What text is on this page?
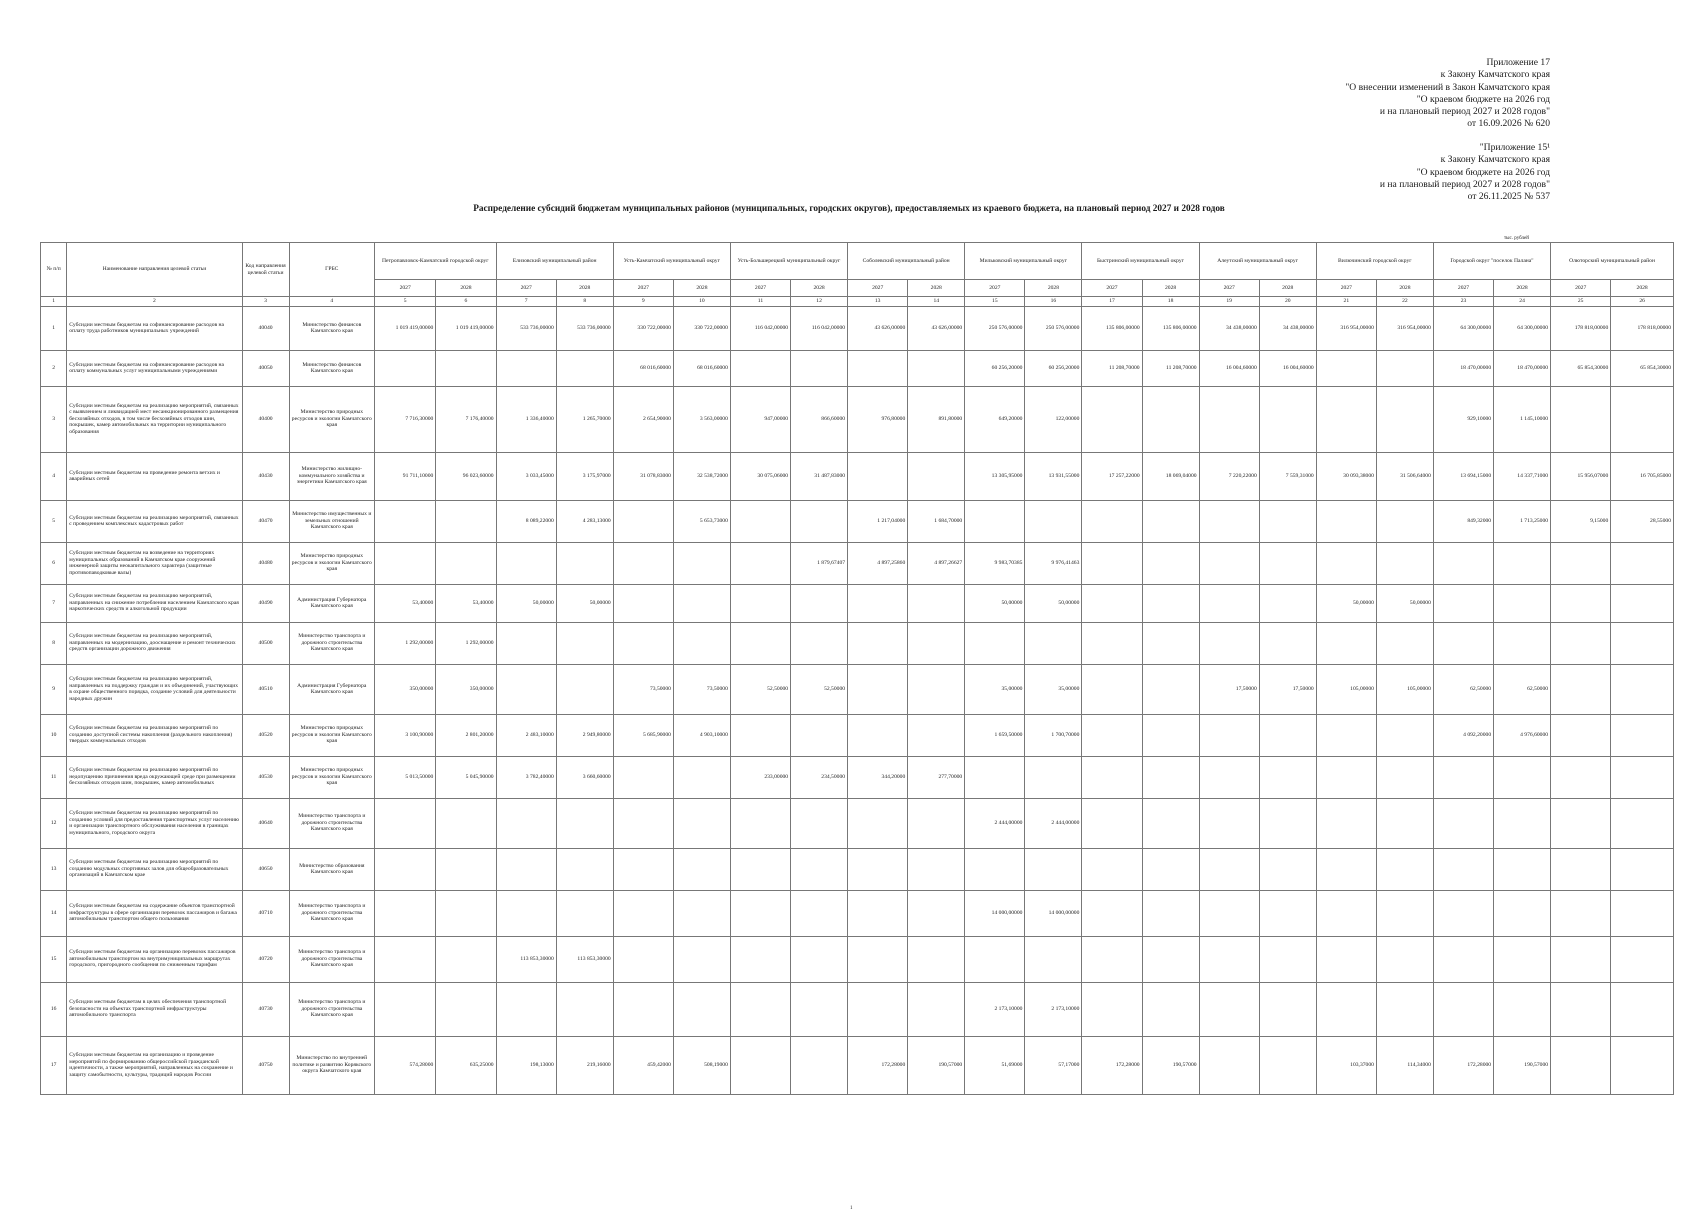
Приложение 17
к Закону Камчатского края
"О внесении изменений в Закон Камчатского края
"О краевом бюджете на 2026 год
и на плановый период 2027 и 2028 годов"
от 16.09.2026 № 620
"Приложение 15¹
к Закону Камчатского края
"О краевом бюджете на 2026 год
и на плановый период 2027 и 2028 годов"
от 26.11.2025 № 537
Распределение субсидий бюджетам муниципальных районов (муниципальных, городских округов), предоставляемых из краевого бюджета, на плановый период 2027 и 2028 годов
тыс. рублей
№ п/п	Наименование направления целевой статьи	Код направления целевой статьи	ГРБС	Петропавловск-Камчатский городской округ		Елизовский муниципальный район		Усть-Камчатский муниципальный округ		Усть-Большерецкий муниципальный округ		Соболевский муниципальный район		Мильковский муниципальный округ		Быстринский муниципальный округ		Алеутский муниципальный округ		Вилючинский городской округ		Городской округ "поселок Палана"		Олюторский муниципальный район	
				2027	2028	2027	2028	2027	2028	2027	2028	2027	2028	2027	2028	2027	2028	2027	2028	2027	2028	2027	2028	2027	2028
1	2	3	4	5	6	7	8	9	10	11	12	13	14	15	16	17	18	19	20	21	22	23	24	25	26
1	Субсидии местным бюджетам на софинансирование расходов на оплату труда работников муниципальных учреждений	40040	Министерство финансов Камчатского края	1 019 419,00000	1 019 419,00000	533 736,00000	533 736,00000	330 722,00000	330 722,00000	116 042,00000	116 042,00000	43 626,00000	43 626,00000	250 576,00000	250 576,00000	135 806,00000	135 806,00000	34 438,00000	34 438,00000	316 954,00000	316 954,00000	64 300,00000	64 300,00000	178 818,00000	178 818,00000
2	Субсидии местным бюджетам на софинансирование расходов на оплату коммунальных услуг муниципальными учреждениями	40050	Министерство финансов Камчатского края					68 016,60000	68 016,60000					60 256,20000	60 256,20000	11 208,70000	11 208,70000	16 004,60000	16 004,60000			18 470,00000	18 470,00000	65 854,30000	65 854,30000
3	Субсидии местным бюджетам на реализацию мероприятий, связанных с выявлением и ликвидацией мест несанкционированного размещения бесхозяйных отходов, в том числе бесхозяйных отходов шин, покрышек, камер автомобильных на территории муниципального образования	40400	Министерство природных ресурсов и экологии Камчатского края	7 716,30000	7 176,40000	1 336,40000	1 265,70000	2 654,90000	3 563,00000	947,00000	866,60000	976,80000	891,80000	649,20000	122,00000							929,10000	1 145,10000		
4	Субсидии местным бюджетам на проведение ремонта ветхих и аварийных сетей	40430	Министерство жилищно-коммунального хозяйства и энергетики Камчатского края	91 711,10000	96 023,60000	3 033,45000	3 175,97000	31 078,83000	32 538,72000	30 075,06000	31 487,83000			13 305,95000	13 931,55000	17 257,22000	18 069,04000	7 220,22000	7 559,31000	30 093,38000	31 506,64000	13 694,15000	14 337,71000	15 956,07000	16 705,85000
5	Субсидии местным бюджетам на реализацию мероприятий, связанных с проведением комплексных кадастровых работ	40470	Министерство имущественных и земельных отношений Камчатского края			8 089,22000	4 283,13000		5 653,73000			1 217,04000	1 684,70000									849,32000	1 713,25000	9,15000	28,55000
6	Субсидии местным бюджетам на возведение на территориях муниципальных образований в Камчатском крае сооружений инженерной защиты неокапитального характера (защитные противопаводковые валы)	40480	Министерство природных ресурсов и экологии Камчатского края								1 879,67407	4 897,25860	4 897,26627	9 983,70385	9 976,41463										
7	Субсидии местным бюджетам на реализацию мероприятий, направленных на снижение потребления населением Камчатского края наркотических средств и алкогольной продукции	40490	Администрация Губернатора Камчатского края	53,40000	53,40000	50,00000	50,00000							50,00000	50,00000					50,00000	50,00000				
8	Субсидии местным бюджетам на реализацию мероприятий, направленных на модернизацию, дооснащение и ремонт технических средств организации дорожного движения	40500	Министерство транспорта и дорожного строительства Камчатского края	1 292,00000	1 292,00000																				
9	Субсидии местным бюджетам на реализацию мероприятий, направленных на поддержку граждан и их объединений, участвующих в охране общественного порядка, создание условий для деятельности народных дружин	40510	Администрация Губернатора Камчатского края	350,00000	350,00000			73,50000	73,50000	52,50000	52,50000			35,00000	35,00000			17,50000	17,50000	105,00000	105,00000	62,50000	62,50000		
10	Субсидии местным бюджетам на реализацию мероприятий по созданию доступной системы накопления (раздельного накопления) твердых коммунальных отходов	40520	Министерство природных ресурсов и экологии Камчатского края	3 100,90000	2 801,20000	2 483,10000	2 949,80000	5 685,90000	4 903,10000					1 659,50000	1 700,70000							4 092,20000	4 976,60000		
11	Субсидии местным бюджетам на реализацию мероприятий по недопущению причинения вреда окружающей среде при размещении бесхозяйных отходов шин, покрышек, камер автомобильных	40530	Министерство природных ресурсов и экологии Камчатского края	5 013,50000	5 045,90000	3 782,40000	3 660,60000			233,00000	234,50000	344,20000	277,70000												
12	Субсидии местным бюджетам на реализацию мероприятий по созданию условий для предоставления транспортных услуг населению и организации транспортного обслуживания населения в границах муниципального, городского округа	40640	Министерство транспорта и дорожного строительства Камчатского края											2 444,00000	2 444,00000										
13	Субсидии местным бюджетам на реализацию мероприятий по созданию модульных спортивных залов для общеобразовательных организаций в Камчатском крае	40650	Министерство образования Камчатского края																						
14	Субсидии местным бюджетам на содержание объектов транспортной инфраструктуры в сфере организации перевозок пассажиров и багажа автомобильным транспортом общего пользования	40710	Министерство транспорта и дорожного строительства Камчатского края											14 000,00000	14 000,00000										
15	Субсидии местным бюджетам на организацию перевозок пассажиров автомобильным транспортом на внутримуниципальных маршрутах городского, пригородного сообщения по сниженным тарифам	40720	Министерство транспорта и дорожного строительства Камчатского края			113 853,30000	113 853,30000																		
16	Субсидии местным бюджетам в целях обеспечения транспортной безопасности на объектах транспортной инфраструктуры автомобильного транспорта	40730	Министерство транспорта и дорожного строительства Камчатского края											2 173,10000	2 173,10000										
17	Субсидии местным бюджетам на организацию и проведение мероприятий по формированию общероссийской гражданской идентичности, а также мероприятий, направленных на сохранение и защиту самобытности, культуры, традиций народов России	40750	Министерство по внутренней политике и развитию Корякского округа Камчатского края	574,28000	635,25000	198,13000	219,16000	459,42000	508,19000			172,28000	190,57000	51,69000	57,17000	172,28000	190,57000			103,37000	114,34000	172,28000	190,57000		
1
